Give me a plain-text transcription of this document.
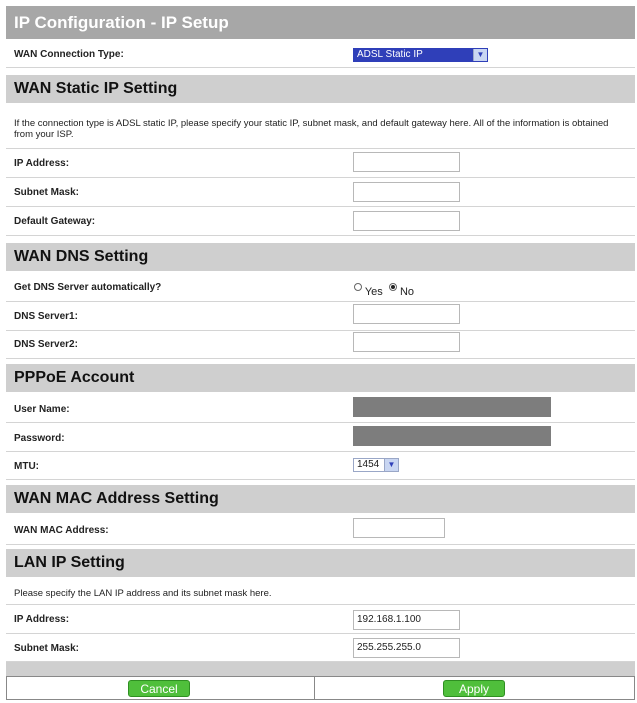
IP Configuration - IP Setup
WAN Connection Type:	ADSL Static IP	▼
WAN Static IP Setting
If the connection type is ADSL static IP, please specify your static IP, subnet mask, and default gateway here. All of the information is obtained from your ISP.
IP Address:
Subnet Mask:
Default Gateway:
WAN DNS Setting
Get DNS Server automatically?	Yes No
DNS Server1:
DNS Server2:
PPPoE Account
User Name:
Password:
MTU:	1454	▼
WAN MAC Address Setting
WAN MAC Address:
LAN IP Setting
Please specify the LAN IP address and its subnet mask here.
IP Address:	192.168.1.100
Subnet Mask:	255.255.255.0
Cancel	Apply
